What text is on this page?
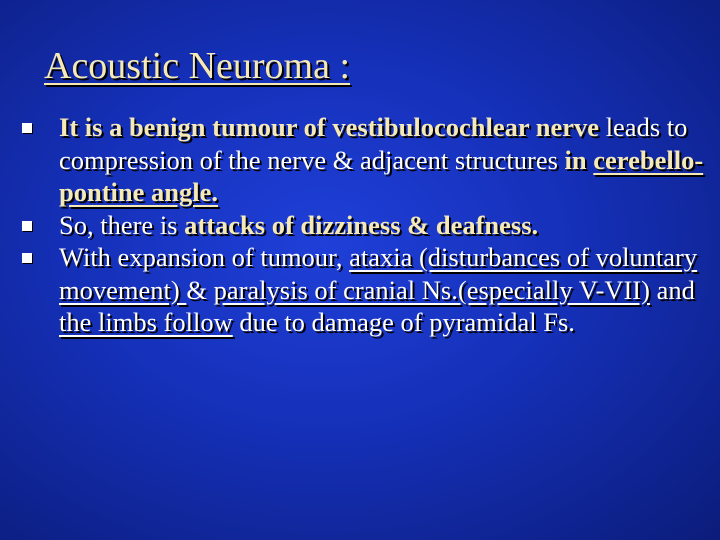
Acoustic Neuroma :
It is a benign tumour of vestibulocochlear nerve leads to compression of the nerve & adjacent structures in cerebello-pontine angle.
So, there is attacks of dizziness & deafness.
With expansion of tumour, ataxia (disturbances of voluntary movement) & paralysis of cranial Ns.(especially V-VII) and the limbs follow due to damage of pyramidal Fs.
